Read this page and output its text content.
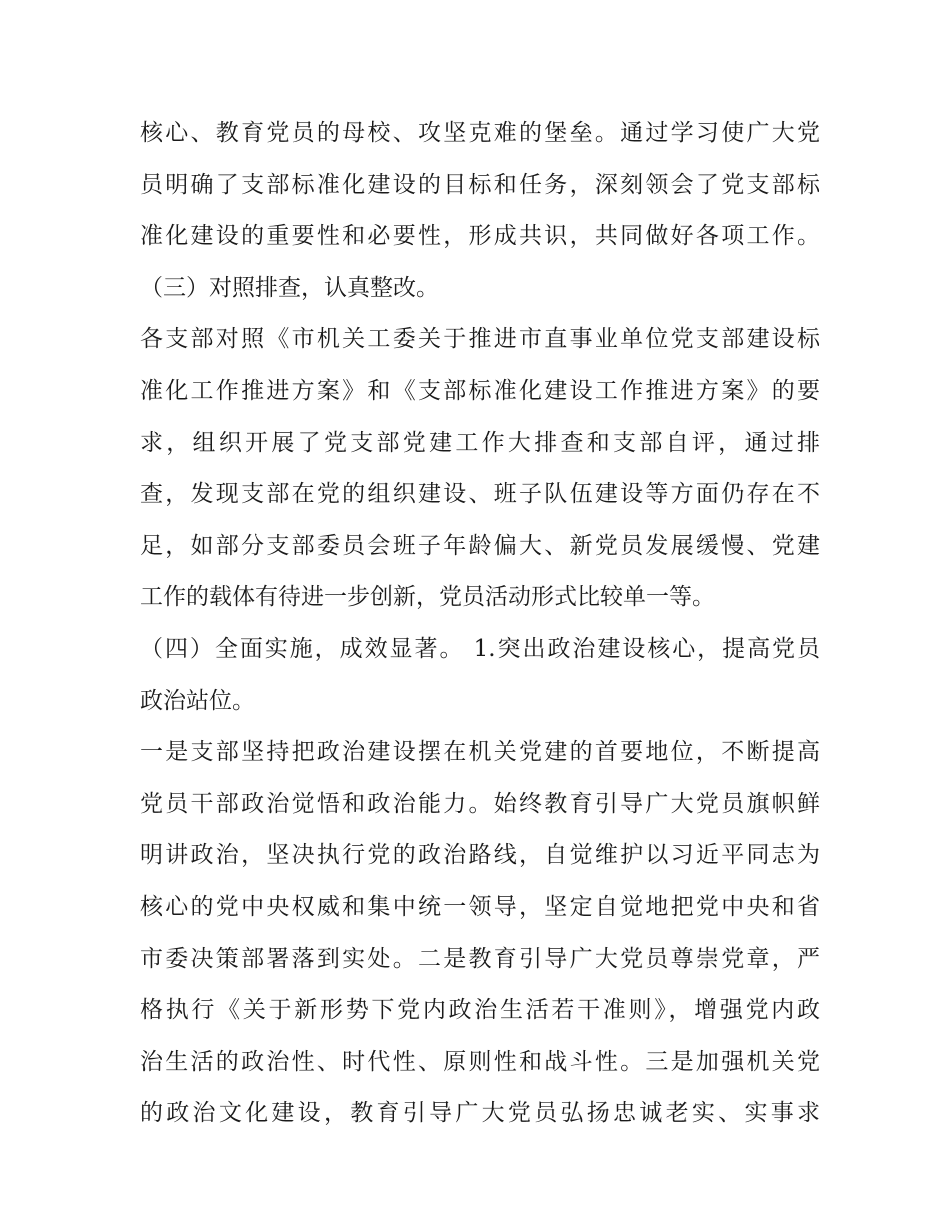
核心、教育党员的母校、攻坚克难的堡垒。通过学习使广大党
员明确了支部标准化建设的目标和任务，深刻领会了党支部标
准化建设的重要性和必要性，形成共识，共同做好各项工作。
（三）对照排查，认真整改。
各支部对照《市机关工委关于推进市直事业单位党支部建设标
准化工作推进方案》和《支部标准化建设工作推进方案》的要
求，组织开展了党支部党建工作大排查和支部自评，通过排
查，发现支部在党的组织建设、班子队伍建设等方面仍存在不
足，如部分支部委员会班子年龄偏大、新党员发展缓慢、党建
工作的载体有待进一步创新，党员活动形式比较单一等。
（四）全面实施，成效显著。 1.突出政治建设核心，提高党员
政治站位。
一是支部坚持把政治建设摆在机关党建的首要地位，不断提高
党员干部政治觉悟和政治能力。始终教育引导广大党员旗帜鲜
明讲政治，坚决执行党的政治路线，自觉维护以习近平同志为
核心的党中央权威和集中统一领导，坚定自觉地把党中央和省
市委决策部署落到实处。二是教育引导广大党员尊崇党章，严
格执行《关于新形势下党内政治生活若干准则》，增强党内政
治生活的政治性、时代性、原则性和战斗性。三是加强机关党
的政治文化建设，教育引导广大党员弘扬忠诚老实、实事求
